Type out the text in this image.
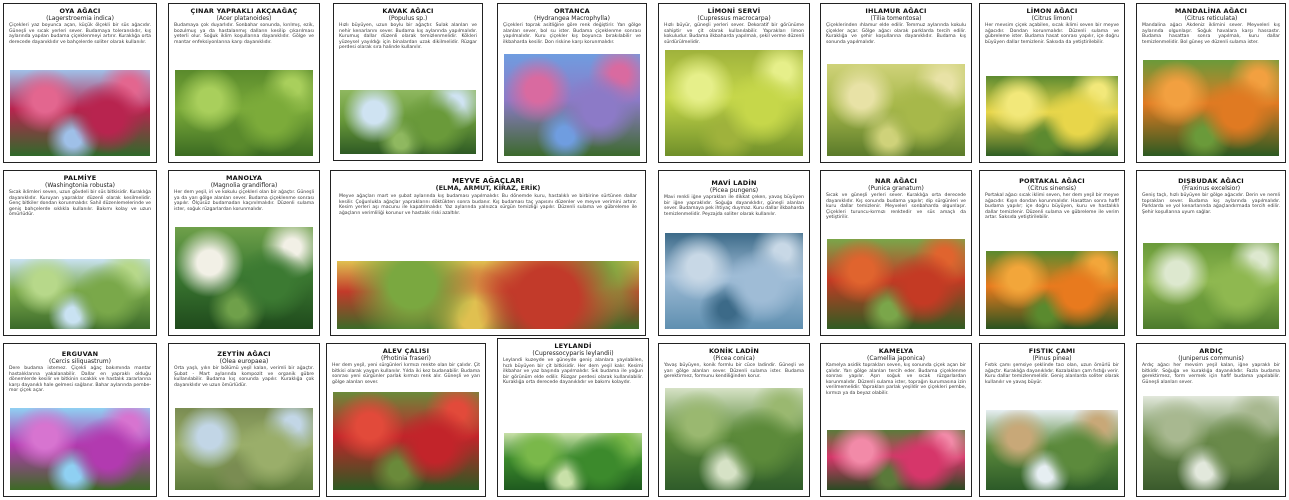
OYA AĞACI
(Lagerstroemia indica)
Çiçekleri yaz boyunca açan, küçük ölçekli bir süs ağacıdır. Güneşli ve sıcak yerleri sever. Budamaya toleranslıdır, kış aylarında yapılan budama çiçeklenmeyi artırır. Kuraklığa orta derecede dayanıklıdır ve bahçelerde soliter olarak kullanılır.
ÇINAR YAPRAKLI AKÇAAĞAÇ
(Acer platanoides)
Budamaya çok duyarlıdır. Sonbahar sonunda, kırılmış, ezik, bozulmuş ya da hastalanmış dalların kesilip çıkarılması yeterli olur. Soğuk iklim koşullarına dayanıklıdır. Gölge ve mantar enfeksiyonlarına karşı dayanıklıdır.
KAVAK AĞACI
(Populus sp.)
Hızlı büyüyen, uzun boylu bir ağaçtır. Sulak alanları ve nehir kenarlarını sever. Budama kış aylarında yapılmalıdır. Kurumuş dallar düzenli olarak temizlenmelidir. Kökleri yüzeysel yayıldığı için binalardan uzak dikilmelidir. Rüzgar perdesi olarak sıra halinde kullanılır.
ORTANCA
(Hydrangea Macrophylla)
Çiçekleri toprak asitliğine göre renk değiştirir. Yarı gölge alanları sever, bol su ister. Budama çiçeklenme sonrası yapılmalıdır. Kuru çiçekler kış boyunca bırakılabilir ve ilkbaharda kesilir. Don riskine karşı korunmalıdır.
LİMONİ SERVİ
(Cupressus macrocarpa)
Hızlı büyür, güneşli yerleri sever. Dekoratif bir görünüme sahiptir ve çit olarak kullanılabilir. Yaprakları limon kokuludur. Budama ilkbaharda yapılmalı, şekil verme düzenli sürdürülmelidir.
IHLAMUR AĞACI
(Tilia tomentosa)
Çiçeklerinden ıhlamur elde edilir. Temmuz aylarında kokulu çiçekler açar. Gölge ağacı olarak parklarda tercih edilir. Kuraklığa ve şehir koşullarına dayanıklıdır. Budama kış sonunda yapılmalıdır.
LİMON AĞACI
(Citrus limon)
Her mevsim çiçek açabilen, sıcak iklimi seven bir meyve ağacıdır. Dondan korunmalıdır. Düzenli sulama ve gübreleme ister. Budama hasat sonrası yapılır, içe doğru büyüyen dallar temizlenir. Saksıda da yetiştirilebilir.
MANDALİNA AĞACI
(Citrus reticulata)
Mandalina ağacı Akdeniz iklimini sever. Meyveleri kış aylarında olgunlaşır. Soğuk havalara karşı hassastır. Budama hasattan sonra yapılmalı, kuru dallar temizlenmelidir. Bol güneş ve düzenli sulama ister.
PALMİYE
(Washingtonia robusta)
Sıcak iklimleri seven, uzun gövdeli bir süs bitkisidir. Kuraklığa dayanıklıdır. Kuruyan yapraklar düzenli olarak kesilmelidir. Genç bitkiler dondan korunmalıdır. Sahil düzenlemelerinde ve geniş bahçelerde sıklıkla kullanılır. Bakımı kolay ve uzun ömürlüdür.
MANOLYA
(Magnolia grandiflora)
Her dem yeşil, iri ve kokulu çiçekleri olan bir ağaçtır. Güneşli ya da yarı gölge alanları sever. Budama çiçeklenme sonrası yapılır. Ölçüsüz budamadan kaçınılmalıdır. Düzenli sulama ister, soğuk rüzgarlardan korunmalıdır.
MEYVE AĞAÇLARI
(ELMA, ARMUT, KİRAZ, ERİK)
Meyve ağaçları mart ve şubat aylarında kış budaması yapılmalıdır. Bu dönemde kuru, hastalıklı ve birbirine sürtünen dallar kesilir. Çoğunlukla ağaçlar yapraklarını döktükten sonra budanır. Kış budaması taç yapısını düzenler ve meyve verimini artırır. Kesim yerleri aşı macunu ile kapatılmalıdır. Yaz aylarında yalnızca sürgün temizliği yapılır. Düzenli sulama ve gübreleme ile ağaçların verimliliği korunur ve hastalık riski azaltılır.
MAVİ LADİN
(Picea pungens)
Mavi renkli iğne yaprakları ile dikkat çeken, yavaş büyüyen bir iğne yapraklıdır. Soğuğa dayanıklıdır, güneşli alanları sever. Budamaya pek ihtiyaç duymaz. Kuru dallar ilkbaharda temizlenmelidir. Peyzajda soliter olarak kullanılır.
NAR AĞACI
(Punica granatum)
Sıcak ve güneşli yerleri sever. Kuraklığa orta derecede dayanıklıdır. Kış sonunda budama yapılır; dip sürgünleri ve kuru dallar temizlenir. Meyveleri sonbaharda olgunlaşır. Çiçekleri turuncu-kırmızı renktedir ve süs amaçlı da yetiştirilir.
PORTAKAL AĞACI
(Citrus sinensis)
Portakal ağacı sıcak iklimi seven, her dem yeşil bir meyve ağacıdır. Kışın dondan korunmalıdır. Hasattan sonra hafif budama yapılır; içe doğru büyüyen, kuru ve hastalıklı dallar temizlenir. Düzenli sulama ve gübreleme ile verim artar. Saksıda yetiştirilebilir.
DIŞBUDAK AĞACI
(Fraxinus excelsior)
Geniş taçlı, hızlı büyüyen bir gölge ağacıdır. Derin ve nemli toprakları sever. Budama kış aylarında yapılmalıdır. Parklarda ve yol kenarlarında ağaçlandırmada tercih edilir. Şehir koşullarına uyum sağlar.
ERGUVAN
(Cercis siliquastrum)
Dere budama istemez. Çiçekli ağaç bakımında mantar hastalıklarına yakalanabilir. Dallar en yapraklı olduğu dönemlerde kesilir ve bitkinin sıcaklık ve hastalık zararlarına karşı dayanıklı hale gelmesi sağlanır. Bahar aylarında pembe-mor çiçek açar.
ZEYTİN AĞACI
(Olea europaea)
Orta yaşlı, yılın bir bölümü yeşil kalan, verimli bir ağaçtır. Şubat - Mart aylarında kompozit ve organik gübre kullanılabilir. Budama kış sonunda yapılır. Kuraklığa çok dayanıklıdır ve uzun ömürlüdür.
ALEV ÇALISI
(Photinia fraseri)
Her dem yeşil, yeni sürgünleri kırmızı renkte olan bir çalıdır. Çit bitkisi olarak yaygın kullanılır. Yılda iki kez budanabilir. Budama sonrası yeni sürgünler parlak kırmızı renk alır. Güneşli ve yarı gölge alanları sever.
LEYLANDİ
(Cupressocyparis leylandii)
Leylandi kuzeyde ve güneyde geniş alanlara yayılabilen, hızlı büyüyen bir çit bitkisidir. Her dem yeşil kalır. Kesimi ilkbahar ve yaz başında yapılmalıdır. Sık budama ile yoğun bir görünüm elde edilir. Rüzgar perdesi olarak kullanılabilir. Kuraklığa orta derecede dayanıklıdır ve bakımı kolaydır.
KONİK LADİN
(Picea conica)
Yavaş büyüyen, konik formlu bir cüce ladindir. Güneşli ve yarı gölge alanları sever. Düzenli sulama ister. Budama gerektirmez, formunu kendiliğinden korur.
KAMELYA
(Camellia japonica)
Kamelya asidik toprakları seven, kış sonunda çiçek açan bir çalıdır. Yarı gölge alanları tercih eder. Budama çiçeklenme sonrası yapılır. Aşırı soğuk ve sıcak rüzgarlardan korunmalıdır. Düzenli sulama ister, toprağın kurumasına izin verilmemelidir. Yaprakları parlak yeşildir ve çiçekleri pembe, kırmızı ya da beyaz olabilir.
FISTIK ÇAMI
(Pinus pinea)
Fıstık çamı şemsiye şeklinde tacı olan, uzun ömürlü bir ağaçtır. Kuraklığa dayanıklıdır. Kozalakları çam fıstığı verir. Kuru dallar temizlenmelidir. Geniş alanlarda soliter olarak kullanılır ve yavaş büyür.
ARDIÇ
(Juniperus communis)
Ardıç ağacı her mevsim yeşil kalan, iğne yapraklı bir bitkidir. Soğuğa ve kuraklığa dayanıklıdır. Fazla budama gerektirmez, form vermek için hafif budama yapılabilir. Güneşli alanları sever.
